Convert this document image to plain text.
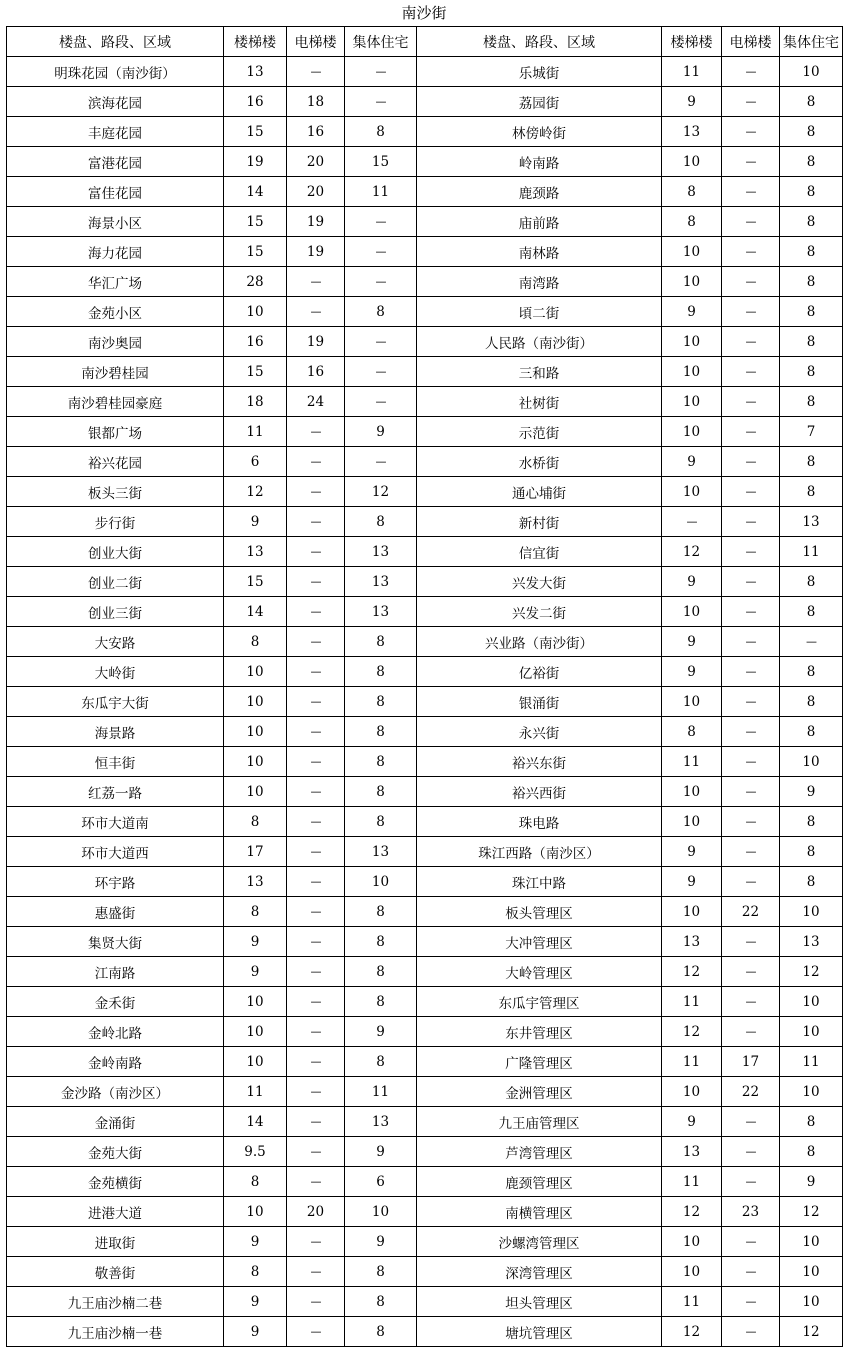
南沙街
楼盘、路段、区域	楼梯楼	电梯楼	集体住宅	楼盘、路段、区域	楼梯楼	电梯楼	集体住宅
明珠花园（南沙街）	13	—	—	乐城街	11	—	10
滨海花园	16	18	—	荔园街	9	—	8
丰庭花园	15	16	8	林傍岭街	13	—	8
富港花园	19	20	15	岭南路	10	—	8
富佳花园	14	20	11	鹿颈路	8	—	8
海景小区	15	19	—	庙前路	8	—	8
海力花园	15	19	—	南林路	10	—	8
华汇广场	28	—	—	南湾路	10	—	8
金苑小区	10	—	8	頃二街	9	—	8
南沙奥园	16	19	—	人民路（南沙街）	10	—	8
南沙碧桂园	15	16	—	三和路	10	—	8
南沙碧桂园豪庭	18	24	—	社树街	10	—	8
银都广场	11	—	9	示范街	10	—	7
裕兴花园	6	—	—	水桥街	9	—	8
板头三街	12	—	12	通心埔街	10	—	8
步行街	9	—	8	新村街	—	—	13
创业大街	13	—	13	信宜街	12	—	11
创业二街	15	—	13	兴发大街	9	—	8
创业三街	14	—	13	兴发二街	10	—	8
大安路	8	—	8	兴业路（南沙街）	9	—	—
大岭街	10	—	8	亿裕街	9	—	8
东瓜宇大街	10	—	8	银涌街	10	—	8
海景路	10	—	8	永兴街	8	—	8
恒丰街	10	—	8	裕兴东街	11	—	10
红荔一路	10	—	8	裕兴西街	10	—	9
环市大道南	8	—	8	珠电路	10	—	8
环市大道西	17	—	13	珠江西路（南沙区）	9	—	8
环宇路	13	—	10	珠江中路	9	—	8
惠盛街	8	—	8	板头管理区	10	22	10
集贤大街	9	—	8	大冲管理区	13	—	13
江南路	9	—	8	大岭管理区	12	—	12
金禾街	10	—	8	东瓜宇管理区	11	—	10
金岭北路	10	—	9	东井管理区	12	—	10
金岭南路	10	—	8	广隆管理区	11	17	11
金沙路（南沙区）	11	—	11	金洲管理区	10	22	10
金涌街	14	—	13	九王庙管理区	9	—	8
金苑大街	9.5	—	9	芦湾管理区	13	—	8
金苑横街	8	—	6	鹿颈管理区	11	—	9
进港大道	10	20	10	南横管理区	12	23	12
进取街	9	—	9	沙螺湾管理区	10	—	10
敬善街	8	—	8	深湾管理区	10	—	10
九王庙沙楠二巷	9	—	8	坦头管理区	11	—	10
九王庙沙楠一巷	9	—	8	塘坑管理区	12	—	12
